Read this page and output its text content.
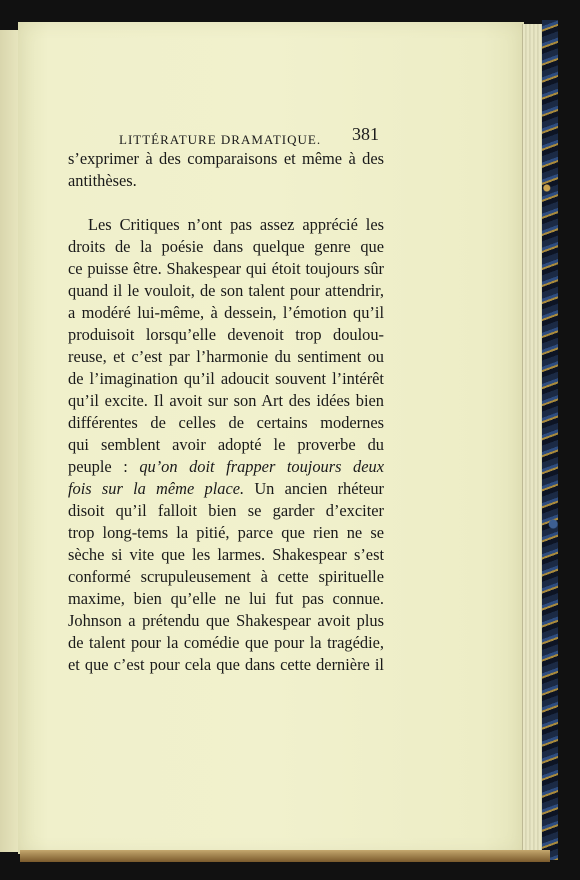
LITTÉRATURE DRAMATIQUE. 381
s’exprimer à des comparaisons et même à des
antithèses.
Les Critiques n’ont pas assez apprécié les
droits de la poésie dans quelque genre que
ce puisse être. Shakespear qui étoit toujours sûr
quand il le vouloit, de son talent pour attendrir,
a modéré lui-même, à dessein, l’émotion qu’il
produisoit lorsqu’elle devenoit trop doulou-
reuse, et c’est par l’harmonie du sentiment ou
de l’imagination qu’il adoucit souvent l’intérêt
qu’il excite. Il avoit sur son Art des idées bien
différentes de celles de certains modernes
qui semblent avoir adopté le proverbe du
peuple : qu’on doit frapper toujours deux
fois sur la même place. Un ancien rhéteur
disoit qu’il falloit bien se garder d’exciter
trop long-tems la pitié, parce que rien ne se
sèche si vite que les larmes. Shakespear s’est
conformé scrupuleusement à cette spirituelle
maxime, bien qu’elle ne lui fut pas connue.
Johnson a prétendu que Shakespear avoit plus
de talent pour la comédie que pour la tragédie,
et que c’est pour cela que dans cette dernière il
